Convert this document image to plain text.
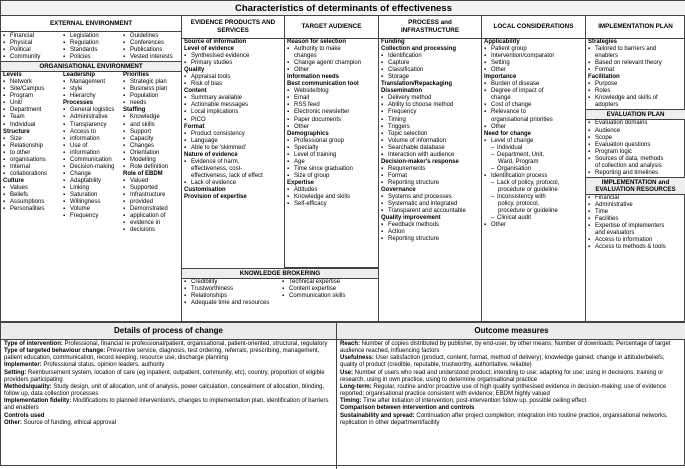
Characteristics of determinants of effectiveness
EXTERNAL ENVIRONMENT
▪ Financial
▪ Physical
▪ Political
▪ Community
▪ Legislation
▪ Regulation
▪ Standards
▪ Policies
▪ Guidelines
▪ Conferences
▪ Publications
▪ Vested interests
ORGANISATIONAL ENVIRONMENT
Levels
▪ Network
▪ Site/Campus
▪ Program
▪ Unit/
▪ Department
▪ Team
▪ Individual
Structure
▪ Size
▪ Relationship
▪ to other
▪ organisations
▪ Internal
▪ collaborations
Culture
▪ Values
▪ Beliefs
▪ Assumptions
▪ Personalities
Leadership
▪ Management
▪ style
▪ Hierarchy
Processes
▪ General logistics
▪ Administrative
▪ Transparency
▪ Access to
▪ information
▪ Use of
▪ information
▪ Communication
▪ Decision-making
▪ Change
▪ Adaptability
▪ Linking
▪ Saturation
▪ Willingness
▪ Volume
▪ Frequency
Priorities
▪ Strategic plan
▪ Business plan
▪ Population
▪ needs
Staffing
▪ Knowledge
▪ and skills
▪ Support
▪ Capacity
▪ Changes
▪ Orientation
▪ Modelling
▪ Role definition
Role of EBDM
▪ Valued
▪ Supported
▪ Infrastructure
▪ provided
▪ Demonstrated
▪ application of
▪ evidence in
▪ decisions
EVIDENCE PRODUCTS AND SERVICES
Source of information
Level of evidence
▪ Synthesised evidence
▪ Primary studies
Quality
▪ Appraisal tools
▪ Risk of bias
Content
▪ Summary available
▪ Actionable messages
▪ Local implications
▪ PICO
Format
▪ Product consistency
▪ Language
▪ Able to be 'skimmed'
Nature of evidence
▪ Evidence of harm,
effectiveness, cost-
effectiveness, lack of effect
▪ Lack of evidence
Customisation
Provision of expertise
TARGET AUDIENCE
Reason for selection
▪ Authority to make
changes
▪ Change agent/ champion
▪ Other
Information needs
Best communication tool
▪ Website/blog
▪ Email
▪ RSS feed
▪ Electronic newsletter
▪ Paper documents
▪ Other
Demographics
▪ Professional group
▪ Specialty
▪ Level of training
▪ Age
▪ Time since graduation
▪ Size of group
Expertise
▪ Attitudes
▪ Knowledge and skills
▪ Self-efficacy
KNOWLEDGE BROKERING
▪ Credibility
▪ Trustworthiness
▪ Relationships
▪ Adequate time and resources
▪ Technical expertise
▪ Content expertise
▪ Communication skills
PROCESS and INFRASTRUCTURE
Funding
Collection and processing
▪ Identification
▪ Capture
▪ Classification
▪ Storage
Translation/Repackaging
Dissemination
▪ Delivery method
▪ Ability to choose method
▪ Frequency
▪ Timing
▪ Triggers
▪ Topic selection
▪ Volume of information
▪ Searchable database
▪ Interaction with audience
Decision-maker's response
▪ Requirements
▪ Format
▪ Reporting structure
Governance
▪ Systems and processes
▪ Systematic and integrated
▪ Transparent and accountable
Quality improvement
▪ Feedback methods
▪ Action
▪ Reporting structure
LOCAL CONSIDERATIONS
Applicability
▪ Patient group
▪ Intervention/comparator
▪ Setting
▪ Other
Importance
▪ Burden of disease
▪ Degree of impact of
change
▪ Cost of change
▪ Relevance to
organisational priorities
▪ Other
Need for change
▪ Level of change
– Individual
– Department, Unit,
Ward, Program
– Organisation
▪ Identification process
– Lack of policy, protocol,
procedure or guideline
– Inconsistency with
policy, protocol,
procedure or guideline
– Clinical audit
▪ Other
IMPLEMENTATION PLAN
Strategies
▪ Tailored to barriers and
enablers
▪ Based on relevant theory
▪ Format
Facilitation
▪ Purpose
▪ Roles
▪ Knowledge and skills of
adopters
EVALUATION PLAN
▪ Evaluation domains
▪ Audience
▪ Scope
▪ Evaluation questions
▪ Program logic
▪ Sources of data, methods
of collection and analysis
▪ Reporting and timelines
IMPLEMENTATION and EVALUATION RESOURCES
▪ Financial
▪ Administrative
▪ Time
▪ Facilities
▪ Expertise of implementers
and evaluators
▪ Access to information
▪ Access to methods & tools
Details of process of change
Type of intervention: Professional, financial re professional/patient, organisational, patient-oriented, structural, regulatory
Type of targeted behaviour change: Preventive service, diagnosis, test ordering, referrals, prescribing, management, patient education, communication, record keeping, resource use, discharge planning
Implementer: Professional status, opinion leaders, authority
Setting: Reimbursement system, location of care (eg inpatient, outpatient, community, etc), country, proportion of eligible providers participating
Methods/quality: Study design, unit of allocation, unit of analysis, power calculation, concealment of allocation, blinding, follow up, data collection processes
Implementation fidelity: Modifications to planned intervention/s, changes to implementation plan, identification of barriers and enablers
Controls used
Other: Source of funding, ethical approval
Outcome measures
Reach: Number of copies distributed by publisher, by end-user, by other means; Number of downloads; Percentage of target audience reached, influencing factors
Usefulness: User satisfaction (product, content, format, method of delivery); knowledge gained; change in attitude/beliefs; quality of product (credible, reputable, trustworthy, authoritative, reliable)
Use: Number of users who read and understood product; intending to use; adapting for use; using in decisions, training or research, using in own practice, using to determine organisational practice
Long-term: Regular, routine and/or proactive use of high quality synthesised evidence in decision-making; use of evidence reported; organisational practice consistent with evidence; EBDM highly valued
Timing: Time after initiation of intervention, post-intervention follow up, possible ceiling effect
Comparison between intervention and controls
Sustainability and spread: Continuation after project completion; integration into routine practice, organisational networks, replication in other department/facility
